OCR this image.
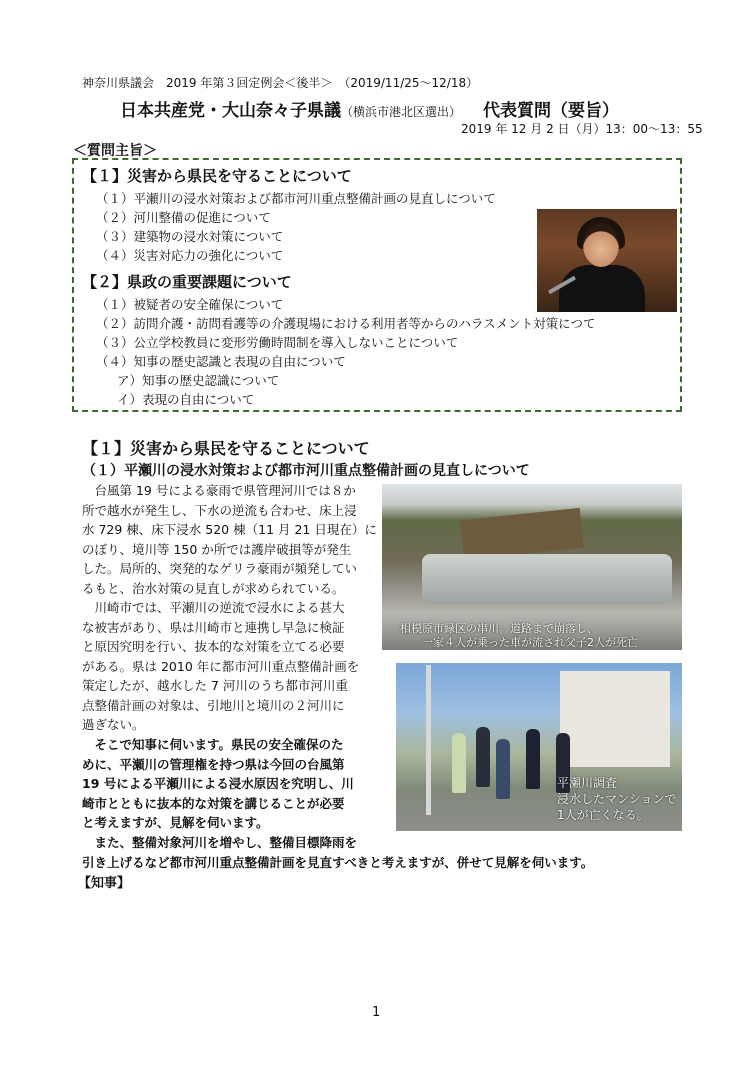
神奈川県議会　2019 年第３回定例会＜後半＞　（2019/11/25〜12/18）
日本共産党・大山奈々子県議（横浜市港北区選出） 代表質問（要旨）
2019 年 12 月 2 日（月）13：00〜13：55
＜質問主旨＞
【１】災害から県民を守ることについて
（１）平瀬川の浸水対策および都市河川重点整備計画の見直しについて
（２）河川整備の促進について
（３）建築物の浸水対策について
（４）災害対応力の強化について
【２】県政の重要課題について
（１）被疑者の安全確保について
（２）訪問介護・訪問看護等の介護現場における利用者等からのハラスメント対策につて
（３）公立学校教員に変形労働時間制を導入しないことについて
（４）知事の歴史認識と表現の自由について
ア）知事の歴史認識について
イ）表現の自由について
【１】災害から県民を守ることについて
（１）平瀬川の浸水対策および都市河川重点整備計画の見直しについて
台風第 19 号による豪雨で県管理河川では８か
所で越水が発生し、下水の逆流も合わせ、床上浸
水 729 棟、床下浸水 520 棟（11 月 21 日現在）に
のぼり、境川等 150 か所では護岸破損等が発生
した。局所的、突発的なゲリラ豪雨が頻発してい
るもと、治水対策の見直しが求められている。
川崎市では、平瀬川の逆流で浸水による甚大
な被害があり、県は川崎市と連携し早急に検証
と原因究明を行い、抜本的な対策を立てる必要
がある。県は 2010 年に都市河川重点整備計画を
策定したが、越水した 7 河川のうち都市河川重
点整備計画の対象は、引地川と境川の２河川に
過ぎない。
そこで知事に伺います。県民の安全確保のた
めに、平瀬川の管理権を持つ県は今回の台風第
19 号による平瀬川による浸水原因を究明し、川
崎市とともに抜本的な対策を講じることが必要
と考えますが、見解を伺います。
また、整備対象河川を増やし、整備目標降雨を
引き上げるなど都市河川重点整備計画を見直すべきと考えますが、併せて見解を伺います。
【知事】
相模原市緑区の串川。道路まで崩落し、
一家４人が乗った車が流され父子2人が死亡
平瀬川調査
浸水したマンションで
1人が亡くなる。
1
